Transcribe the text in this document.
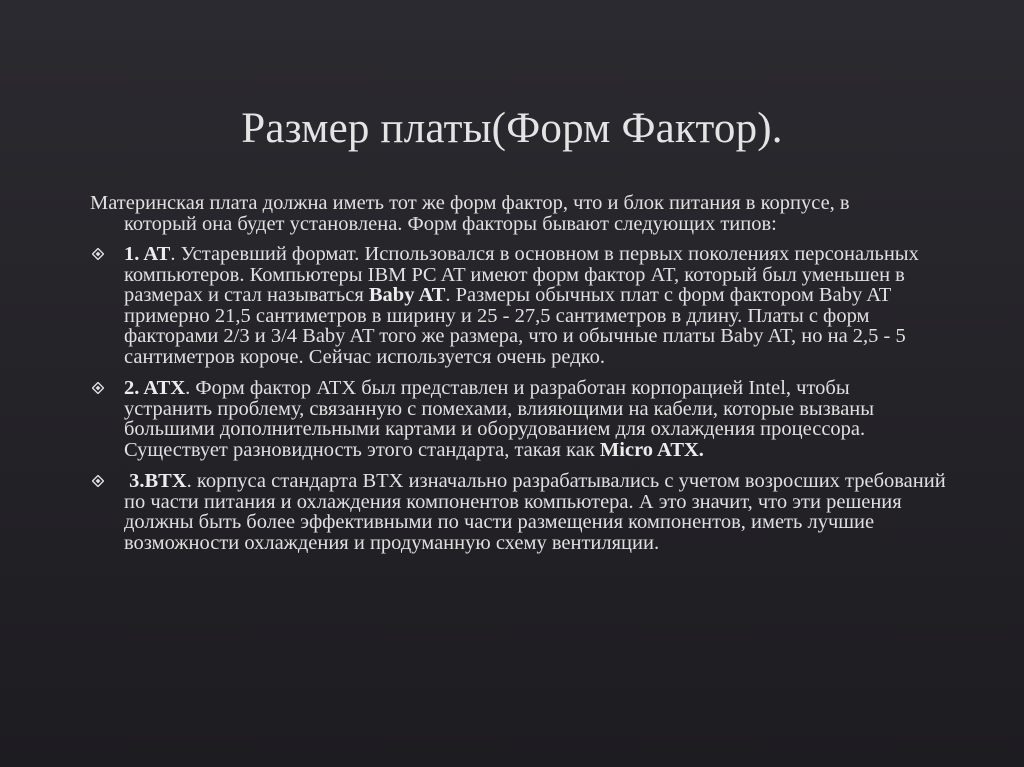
Размер платы(Форм Фактор).

Материнская плата должна иметь тот же форм фактор, что и блок питания в корпусе, в который она будет установлена. Форм факторы бывают следующих типов:

1. AT. Устаревший формат. Использовался в основном в первых поколениях персональных компьютеров. Компьютеры IBM PC AT имеют форм фактор AT, который был уменьшен в размерах и стал называться Baby AT. Размеры обычных плат с форм фактором Baby AT примерно 21,5 сантиметров в ширину и 25 - 27,5 сантиметров в длину. Платы с форм факторами 2/3 и 3/4 Baby AT того же размера, что и обычные платы Baby AT, но на 2,5 - 5 сантиметров короче. Сейчас используется очень редко.
2. ATX. Форм фактор ATX был представлен и разработан корпорацией Intel, чтобы устранить проблему, связанную с помехами, влияющими на кабели, которые вызваны большими дополнительными картами и оборудованием для охлаждения процессора. Существует разновидность этого стандарта, такая как Micro ATX.
3.BTX. корпуса стандарта BTX изначально разрабатывались с учетом возросших требований по части питания и охлаждения компонентов компьютера. А это значит, что эти решения должны быть более эффективными по части размещения компонентов, иметь лучшие возможности охлаждения и продуманную схему вентиляции.
